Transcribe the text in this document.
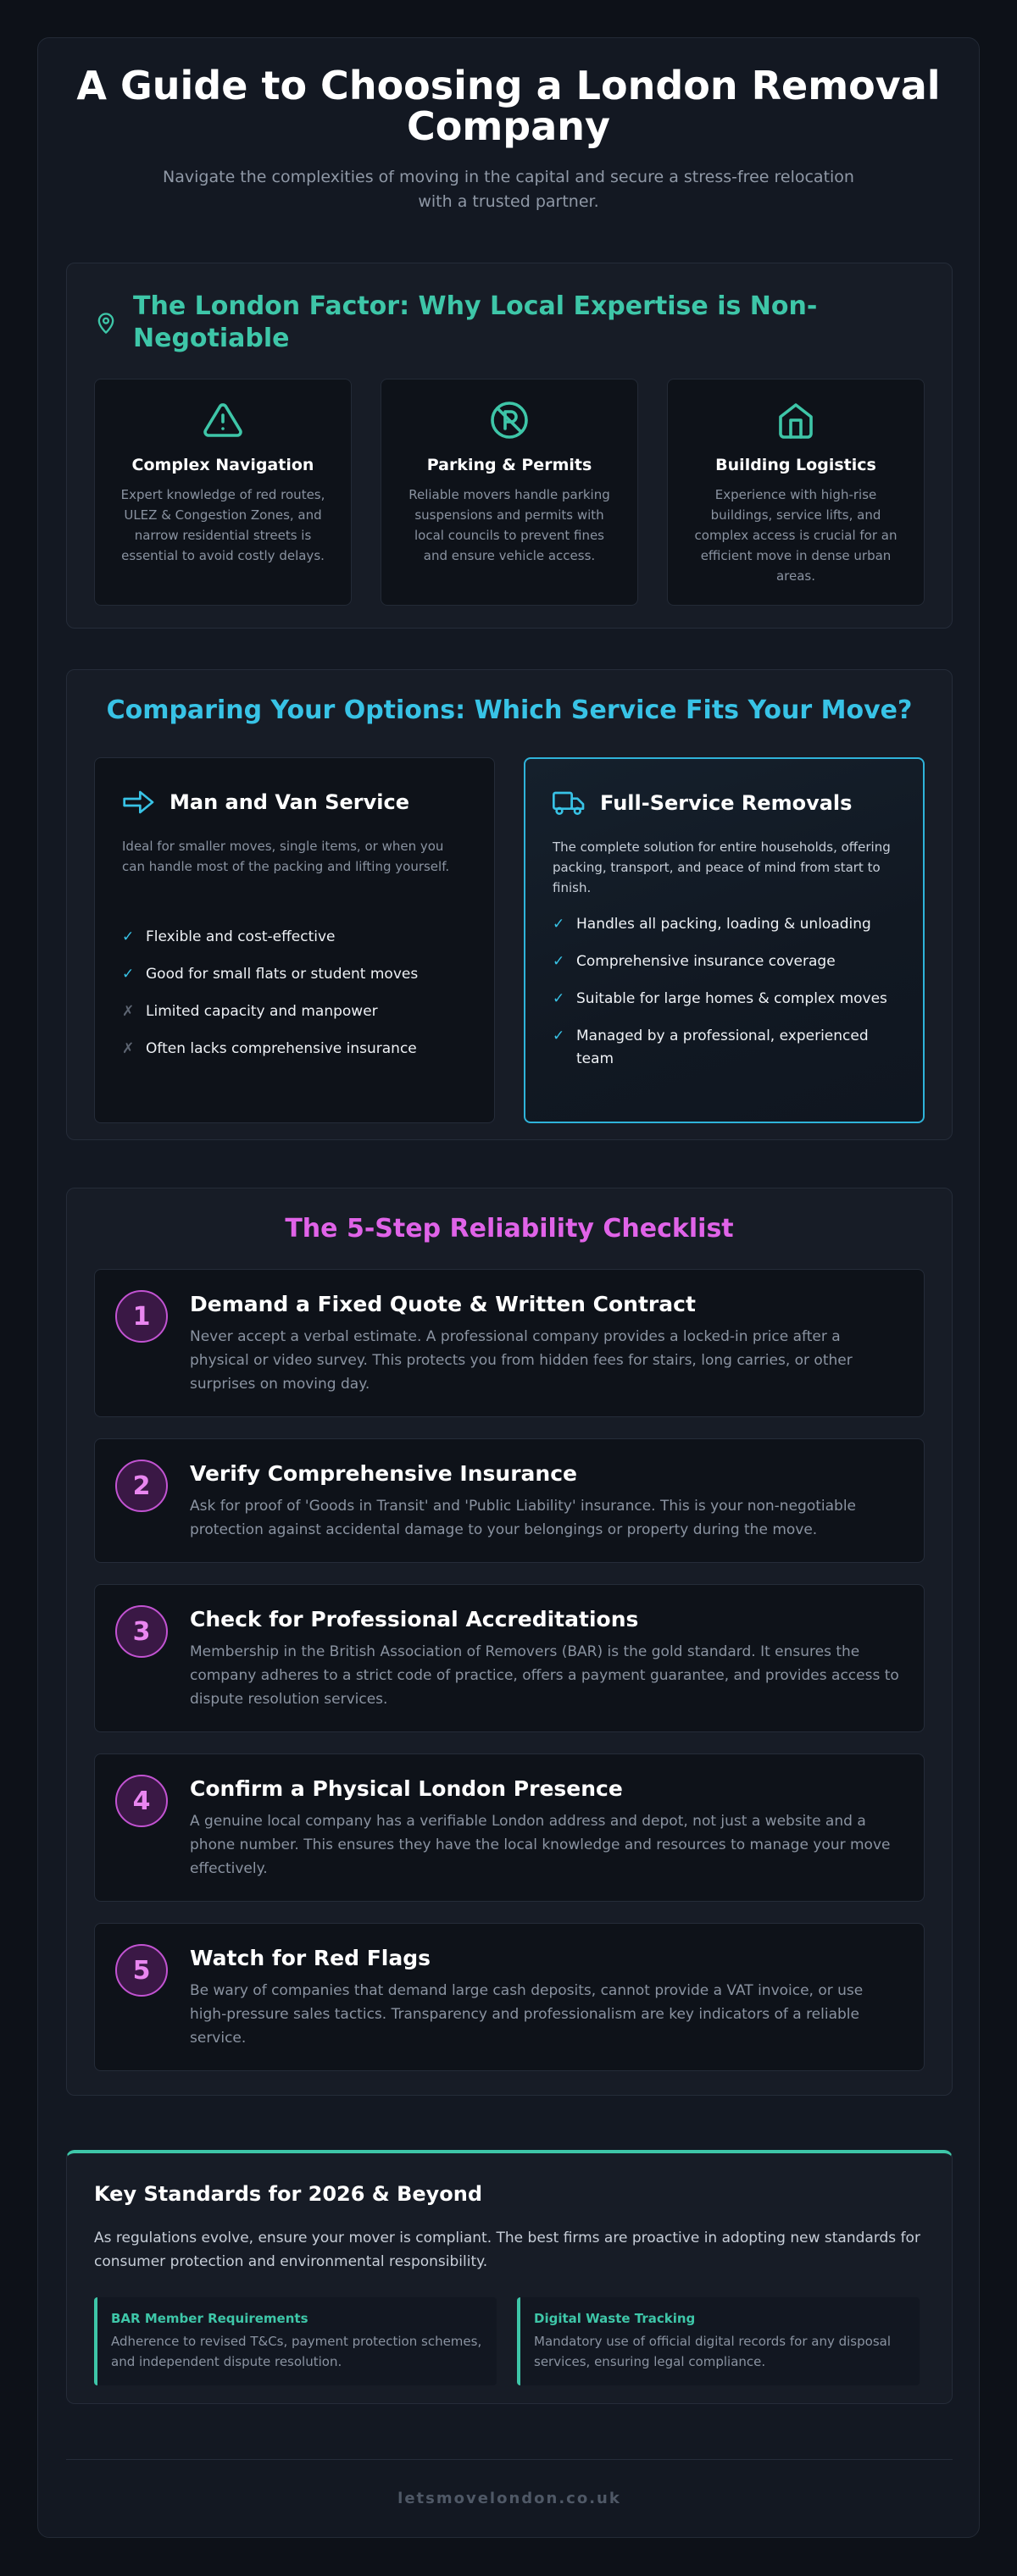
A Guide to Choosing a London Removal Company

Navigate the complexities of moving in the capital and secure a stress-free relocation with a trusted partner.

The London Factor: Why Local Expertise is Non-Negotiable
Complex Navigation

Expert knowledge of red routes, ULEZ & Congestion Zones, and narrow residential streets is essential to avoid costly delays.

Parking & Permits

Reliable movers handle parking suspensions and permits with local councils to prevent fines and ensure vehicle access.

Building Logistics

Experience with high-rise buildings, service lifts, and complex access is crucial for an efficient move in dense urban areas.

Comparing Your Options: Which Service Fits Your Move?
Man and Van Service

Ideal for smaller moves, single items, or when you can handle most of the packing and lifting yourself.

✓ Flexible and cost-effective
✓ Good for small flats or student moves
✗ Limited capacity and manpower
✗ Often lacks comprehensive insurance
Full-Service Removals

The complete solution for entire households, offering packing, transport, and peace of mind from start to finish.

✓ Handles all packing, loading & unloading
✓ Comprehensive insurance coverage
✓ Suitable for large homes & complex moves
✓ Managed by a professional, experienced team
The 5-Step Reliability Checklist
1	Demand a Fixed Quote & Written Contract

Never accept a verbal estimate. A professional company provides a locked-in price after a physical or video survey. This protects you from hidden fees for stairs, long carries, or other surprises on moving day.

2	Verify Comprehensive Insurance

Ask for proof of 'Goods in Transit' and 'Public Liability' insurance. This is your non-negotiable protection against accidental damage to your belongings or property during the move.

3	Check for Professional Accreditations

Membership in the British Association of Removers (BAR) is the gold standard. It ensures the company adheres to a strict code of practice, offers a payment guarantee, and provides access to dispute resolution services.

4	Confirm a Physical London Presence

A genuine local company has a verifiable London address and depot, not just a website and a phone number. This ensures they have the local knowledge and resources to manage your move effectively.

5	Watch for Red Flags

Be wary of companies that demand large cash deposits, cannot provide a VAT invoice, or use high-pressure sales tactics. Transparency and professionalism are key indicators of a reliable service.

Key Standards for 2026 & Beyond

As regulations evolve, ensure your mover is compliant. The best firms are proactive in adopting new standards for consumer protection and environmental responsibility.

BAR Member Requirements

Adherence to revised T&Cs, payment protection schemes, and independent dispute resolution.

Digital Waste Tracking

Mandatory use of official digital records for any disposal services, ensuring legal compliance.

letsmovelondon.co.uk
